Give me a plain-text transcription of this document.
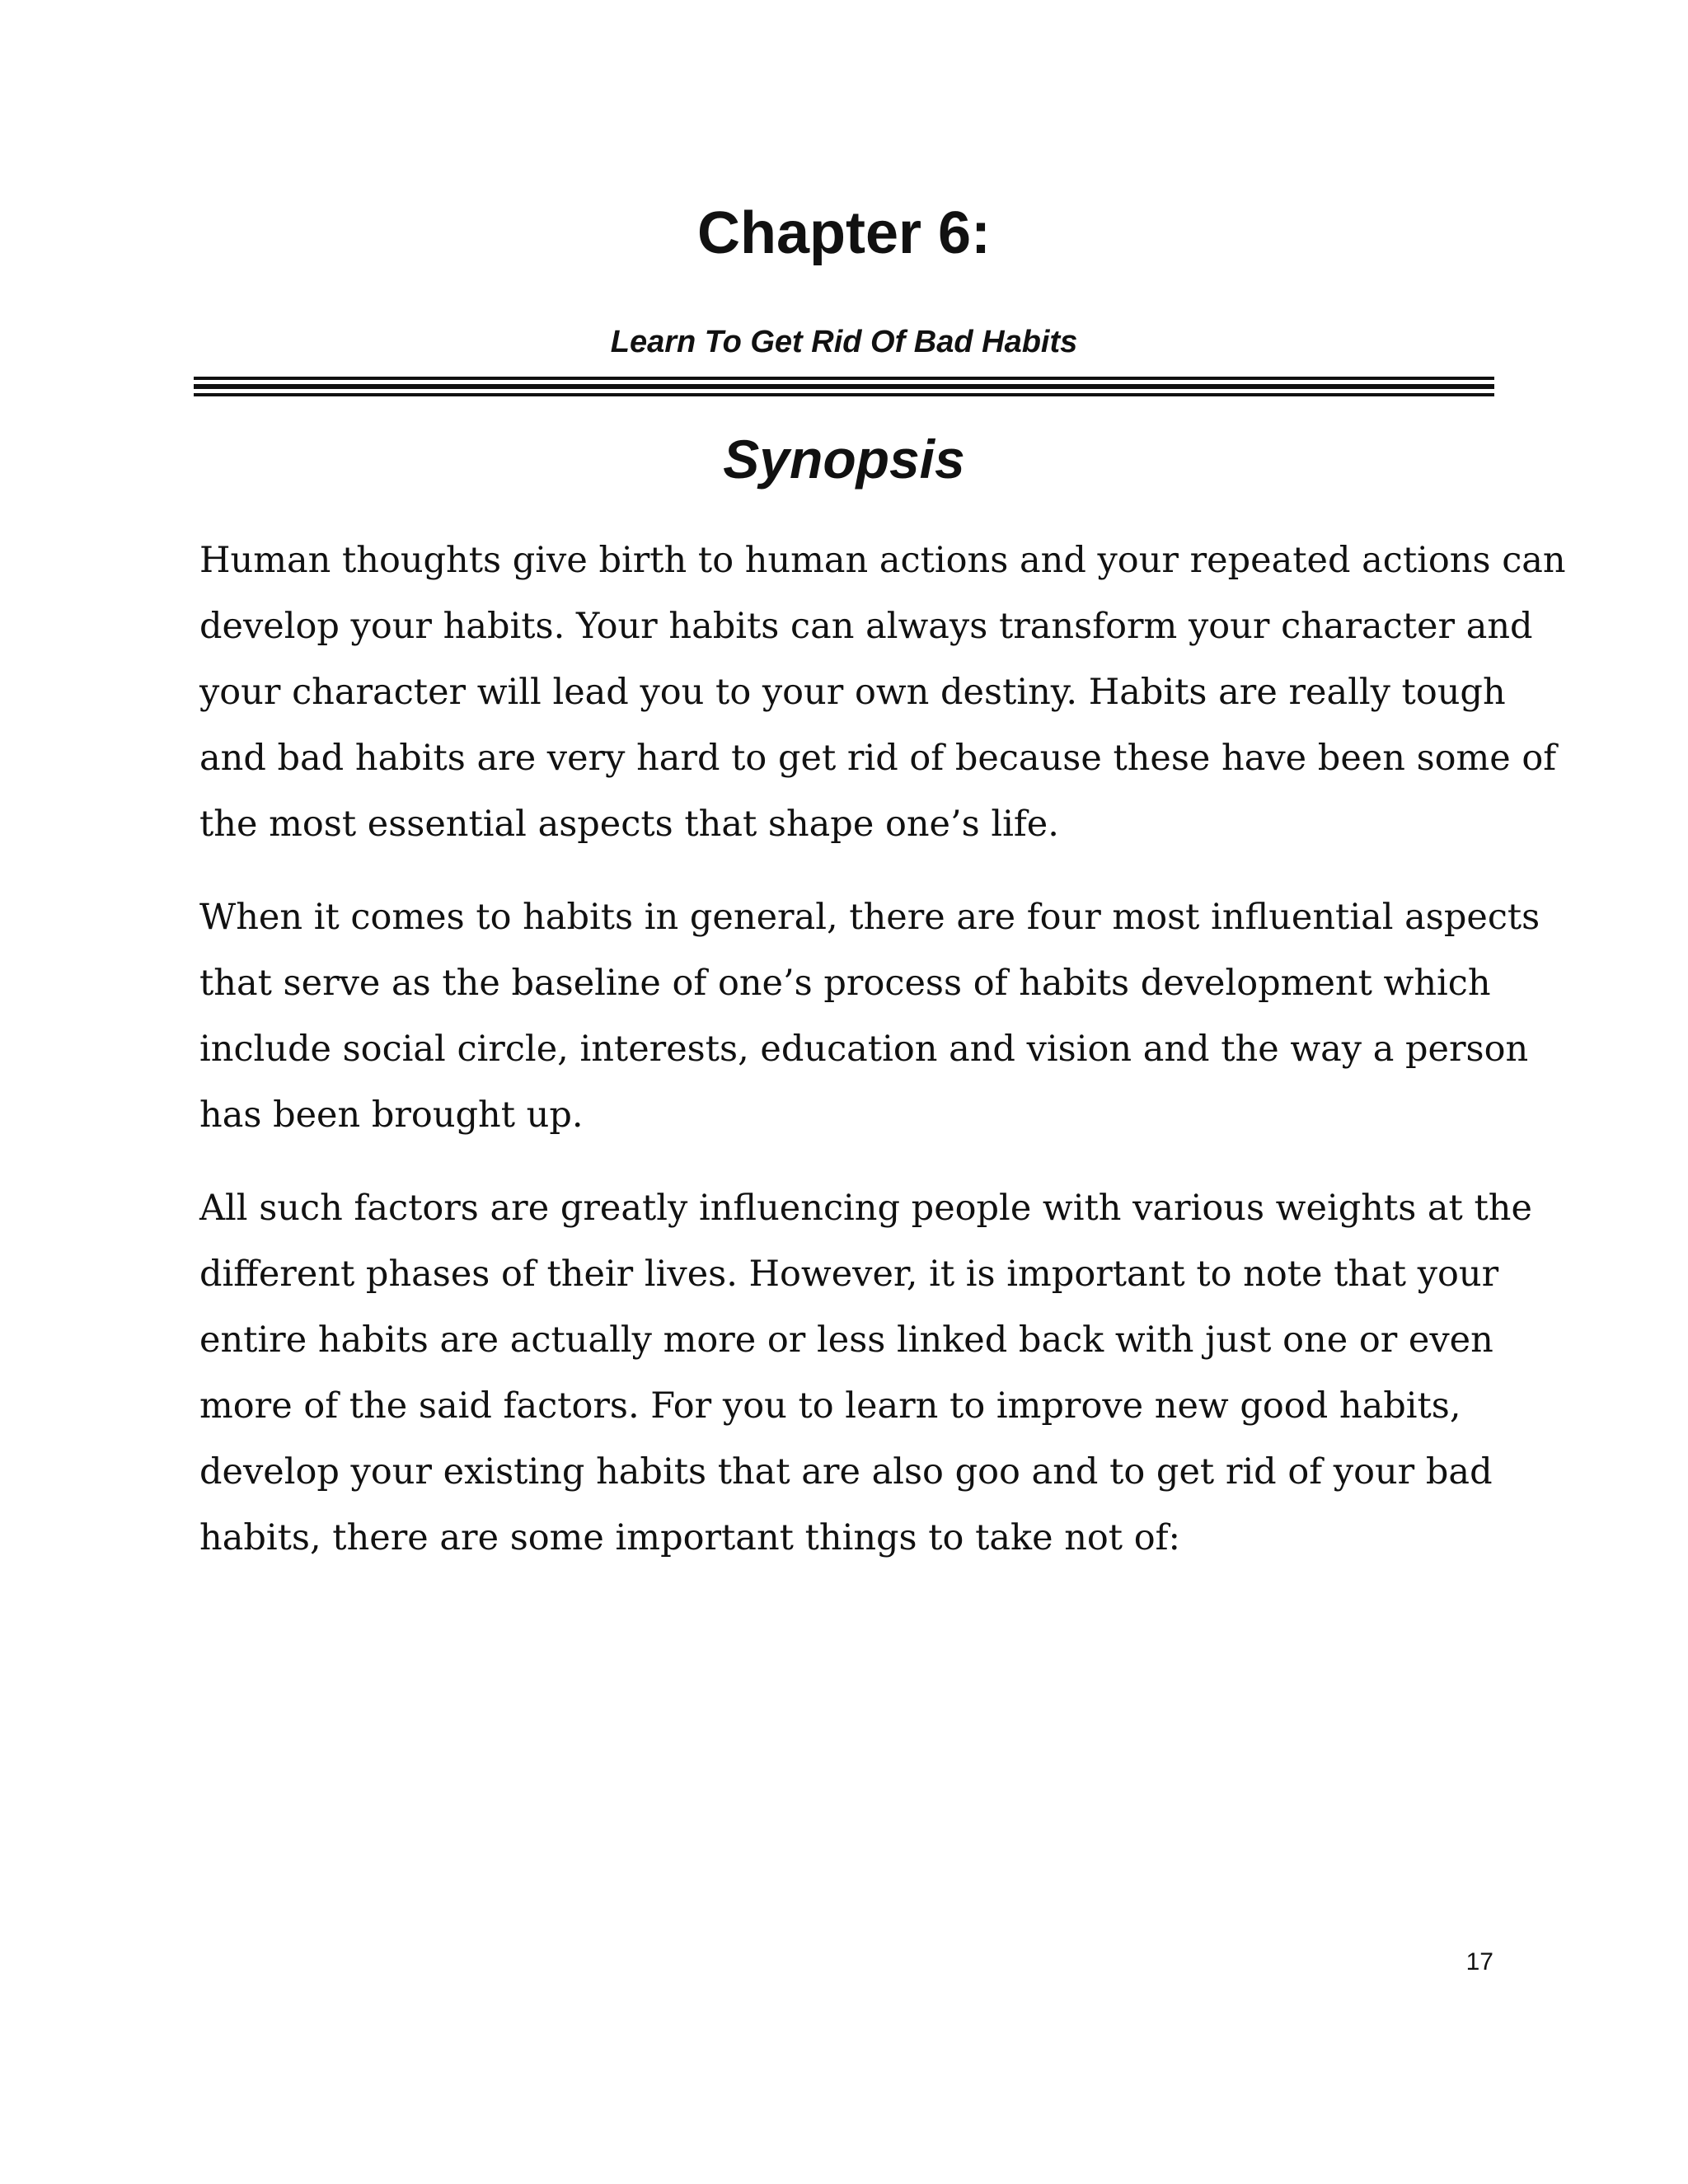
Chapter 6:
Learn To Get Rid Of Bad Habits
Synopsis

Human thoughts give birth to human actions and your repeated actions can
develop your habits. Your habits can always transform your character and
your character will lead you to your own destiny. Habits are really tough
and bad habits are very hard to get rid of because these have been some of
the most essential aspects that shape one’s life.

When it comes to habits in general, there are four most influential aspects
that serve as the baseline of one’s process of habits development which
include social circle, interests, education and vision and the way a person
has been brought up.

All such factors are greatly influencing people with various weights at the
different phases of their lives. However, it is important to note that your
entire habits are actually more or less linked back with just one or even
more of the said factors. For you to learn to improve new good habits,
develop your existing habits that are also goo and to get rid of your bad
habits, there are some important things to take not of:

17
